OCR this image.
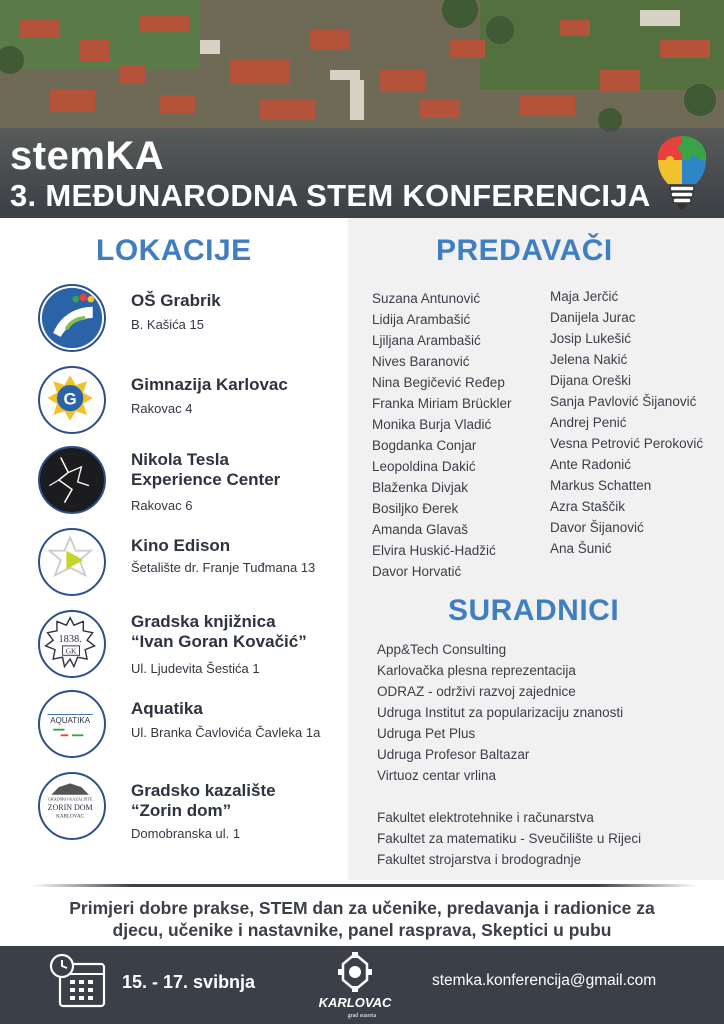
stemKA
3. MEĐUNARODNA STEM KONFERENCIJA
LOKACIJE
OŠ Grabrik
B. Kašića 15
G
Gimnazija Karlovac
Rakovac 4
Nikola Tesla
Experience Center
Rakovac 6
Kino Edison
Šetalište dr. Franje Tuđmana 13
1838.
GK
Gradska knjižnica
“Ivan Goran Kovačić”
Ul. Ljudevita Šestića 1
AQUATIKA
Aquatika
Ul. Branka Čavlovića Čavleka 1a
GRADSKO KAZALIŠTE
ZORIN DOM
KARLOVAC
Gradsko kazalište
“Zorin dom”
Domobranska ul. 1
PREDAVAČI
Suzana Antunović
Lidija Arambašić
Ljiljana Arambašić
Nives Baranović
Nina Begičević Ređep
Franka Miriam Brückler
Monika Burja Vladić
Bogdanka Conjar
Leopoldina Dakić
Blaženka Divjak
Bosiljko Đerek
Amanda Glavaš
Elvira Huskić-Hadžić
Davor Horvatić
Maja Jerčić
Danijela Jurac
Josip Lukešić
Jelena Nakić
Dijana Oreški
Sanja Pavlović Šijanović
Andrej Penić
Vesna Petrović Peroković
Ante Radonić
Markus Schatten
Azra Staščik
Davor Šijanović
Ana Šunić
SURADNICI
App&Tech Consulting
Karlovačka plesna reprezentacija
ODRAZ - održivi razvoj zajednice
Udruga Institut za popularizaciju znanosti
Udruga Pet Plus
Udruga Profesor Baltazar
Virtuoz centar vrlina
Fakultet elektrotehnike i računarstva
Fakultet za matematiku - Sveučilište u Rijeci
Fakultet strojarstva i brodogradnje
Primjeri dobre prakse, STEM dan za učenike, predavanja i radionice za
djecu, učenike i nastavnike, panel rasprava, Skeptici u pubu
15. - 17. svibnja
KARLOVAC
grad susreta
stemka.konferencija@gmail.com
